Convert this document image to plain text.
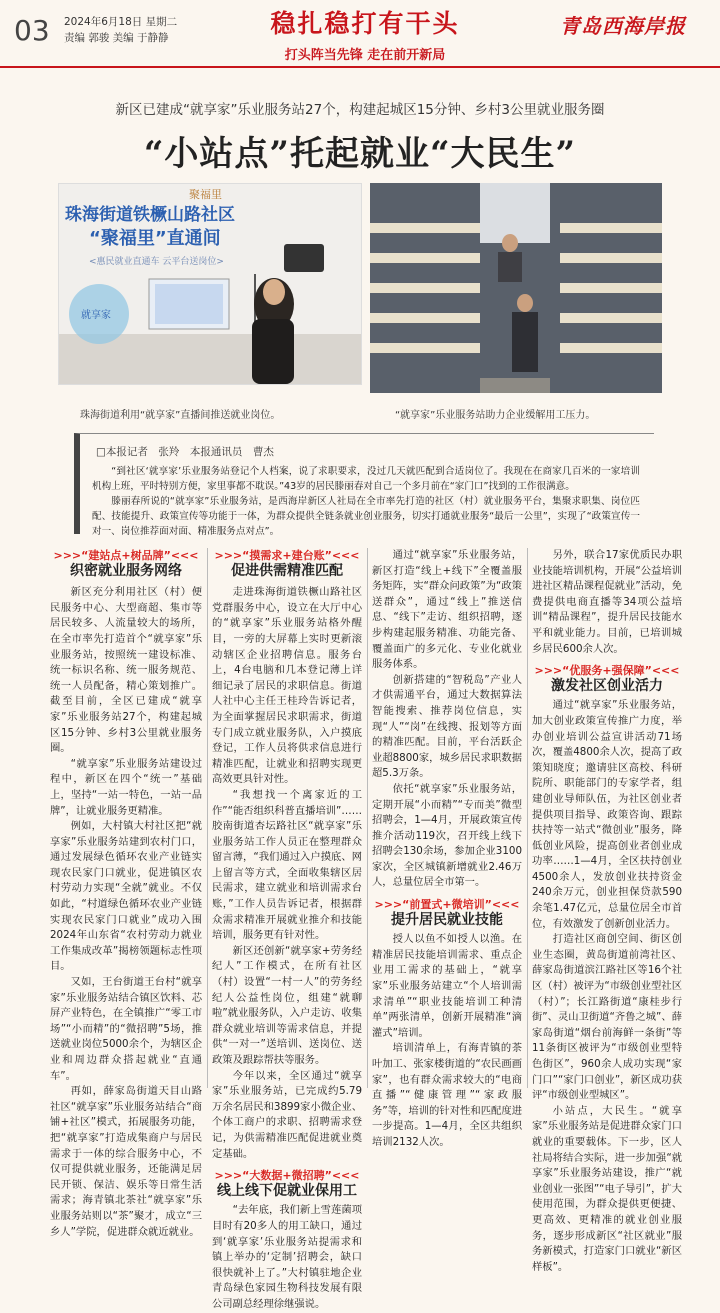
03 2024年6月18日 星期二
责编 郭骏 美编 于静静	稳扎稳打有干头
打头阵当先锋 走在前开新局
青岛西海岸报
新区已建成“就享家”乐业服务站27个，构建起城区15分钟、乡村3公里就业服务圈
“小站点”托起就业“大民生”
聚福里
珠海街道铁橛山路社区
“聚福里”直通间
<惠民就业直通车 云平台送岗位>
就享家
珠海街道利用“就享家”直播间推送就业岗位。	“就享家”乐业服务站助力企业缓解用工压力。
□本报记者　张羚　本报通讯员　曹杰

“到社区‘就享家’乐业服务站登记个人档案，说了求职要求，没过几天就匹配到合适岗位了。我现在在商家几百米的一家培训机构上班，平时特别方便，家里事都不耽误。”43岁的居民滕丽春对自己一个多月前在“家门口”找到的工作很满意。

滕丽春所说的“就享家”乐业服务站，是西海岸新区人社局在全市率先打造的社区（村）就业服务平台，集聚求职集、岗位匹配、技能提升、政策宣传等功能于一体，为群众提供全链条就业创业服务，切实打通就业服务“最后一公里”，实现了“政策宣传一对一、岗位推荐面对面、精准服务点对点”。

>>>“建站点+树品牌”<<<
织密就业服务网络

新区充分利用社区（村）便民服务中心、大型商超、集市等居民较多、人流量较大的场所，在全市率先打造首个“就享家”乐业服务站，按照统一建设标准、统一标识名称、统一服务规范、统一人员配备，精心策划推广。截至目前，全区已建成“就享家”乐业服务站27个，构建起城区15分钟、乡村3公里就业服务圈。

“就享家”乐业服务站建设过程中，新区在四个“统一”基础上，坚持“一站一特色，一站一品牌”，让就业服务更精准。

例如，大村镇大村社区把“就享家”乐业服务站建到农村门口，通过发展绿色循环农业产业链实现农民家门口就业，促进镇区农村劳动力实现“全就”就业。不仅如此，“村道绿色循环农业产业链实现农民家门口就业”成功入围2024年山东省“农村劳动力就业工作集成改革”揭榜领题标志性项目。

又如，王台街道王台村“就享家”乐业服务站结合镇区饮料、芯屏产业特色，在全镇推广“零工市场”“小而精”的“微招聘”5场，推送就业岗位5000余个，为辖区企业和周边群众搭起就业“直通车”。

再如，薛家岛街道天目山路社区“就享家”乐业服务站结合“商铺+社区”模式，拓展服务功能，把“就享家”打造成集商户与居民需求于一体的综合服务中心，不仅可提供就业服务，还能满足居民开锁、保洁、娱乐等日常生活需求；海青镇北茶社“就享家”乐业服务站则以“茶”聚才，成立“三乡人”学院，促进群众就近就业。

>>>“摸需求+建台账”<<<
促进供需精准匹配

走进珠海街道铁橛山路社区党群服务中心，设立在大厅中心的“就享家”乐业服务站格外醒目，一旁的大屏幕上实时更新滚动辖区企业招聘信息。服务台上，4台电脑和几本登记薄上详细记录了居民的求职信息。街道人社中心主任王桂玲告诉记者，为全面掌握居民求职需求，街道专门成立就业服务队，入户摸底登记，工作人员将供求信息进行精准匹配，让就业和招聘实现更高效更具针对性。

“我想找一个离家近的工作”“能否组织科普直播培训”……胶南街道杏坛路社区“就享家”乐业服务站工作人员正在整理群众留言薄，“我们通过入户摸底、网上留言等方式，全面收集辖区居民需求，建立就业和培训需求台账，”工作人员告诉记者，根据群众需求精准开展就业推介和技能培训，服务更有针对性。

新区还创新“就享家+劳务经纪人”工作模式，在所有社区（村）设置“一村一人”的劳务经纪人公益性岗位，组建“就聊啦”就业服务队，入户走访、收集群众就业培训等需求信息，并提供“一对一”送培训、送岗位、送政策及跟踪帮扶等服务。

今年以来，全区通过“就享家”乐业服务站，已完成约5.79万余名居民和3899家小微企业、个体工商户的求职、招聘需求登记，为供需精准匹配促进就业奠定基础。

>>>“大数据+微招聘”<<<
线上线下促就业保用工

“去年底，我们新上雪莲菌项目时有20多人的用工缺口，通过到‘就享家’乐业服务站提需求和镇上举办的‘定制’招聘会，缺口很快就补上了。”大村镇驻地企业青岛绿色家园生物科技发展有限公司副总经理徐继强说。

通过“就享家”乐业服务站，新区打造“线上+线下”全覆盖服务矩阵，实“群众问政策”为“政策送群众”，通过“线上”推送信息、“线下”走访、组织招聘，逐步构建起服务精准、功能完备、覆盖面广的多元化、专业化就业服务体系。

创新搭建的“智税岛”产业人才供需通平台，通过大数据算法智能搜索、推荐岗位信息，实现“人”“岗”在线搜、报划等方面的精准匹配。目前，平台活跃企业超8800家，城乡居民求职数据超5.3万条。

依托“就享家”乐业服务站，定期开展“小而精”“专而美”微型招聘会，1—4月，开展政策宣传推介活动119次，召开线上线下招聘会130余场，参加企业3100家次，全区城镇新增就业2.46万人，总量位居全市第一。

>>>“前置式+微培训”<<<
提升居民就业技能

授人以鱼不如授人以渔。在精准居民技能培训需求、重点企业用工需求的基础上，“就享家”乐业服务站建立“个人培训需求清单”“职业技能培训工种清单”两张清单，创新开展精准“滴灌式”培训。

培训清单上，有海青镇的茶叶加工、张家楼街道的“农民画画家”，也有群众需求较大的“电商直播”“健康管理”“家政服务”等，培训的针对性和匹配度进一步提高。1—4月，全区共组织培训2132人次。

另外，联合17家优质民办职业技能培训机构，开展“公益培训进社区精品课程促就业”活动，免费提供电商直播等34项公益培训“精品课程”，提升居民技能水平和就业能力。目前，已培训城乡居民600余人次。

>>>“优服务+强保障”<<<
激发社区创业活力

通过“就享家”乐业服务站，加大创业政策宣传推广力度，举办创业培训公益宣讲活动71场次，覆盖4800余人次，提高了政策知晓度；邀请驻区高校、科研院所、职能部门的专家学者，组建创业导师队伍，为社区创业者提供项目指导、政策咨询、跟踪扶持等一站式“微创业”服务，降低创业风险，提高创业者创业成功率……1—4月，全区扶持创业4500余人，发放创业扶持资金240余万元，创业担保贷款590余笔1.47亿元，总量位居全市首位，有效激发了创新创业活力。

打造社区商创空间、街区创业生态圈，黄岛街道前湾社区、薛家岛街道滨江路社区等16个社区（村）被评为“市级创业型社区（村）”；长江路街道“康桂步行街”、灵山卫街道“齐鲁之城”、薛家岛街道“烟台前海鲜一条街”等11条街区被评为“市级创业型特色街区”，960余人成功实现“家门口”“家门口创业”，新区成功获评“市级创业型城区”。

小站点，大民生。“就享家”乐业服务站是促进群众家门口就业的重要载体。下一步，区人社局将结合实际，进一步加强“就享家”乐业服务站建设，推广“就业创业一张图”“电子导引”，扩大使用范围，为群众提供更便捷、更高效、更精准的就业创业服务，逐步形成新区“社区就业”服务新模式，打造家门口就业“新区样板”。
